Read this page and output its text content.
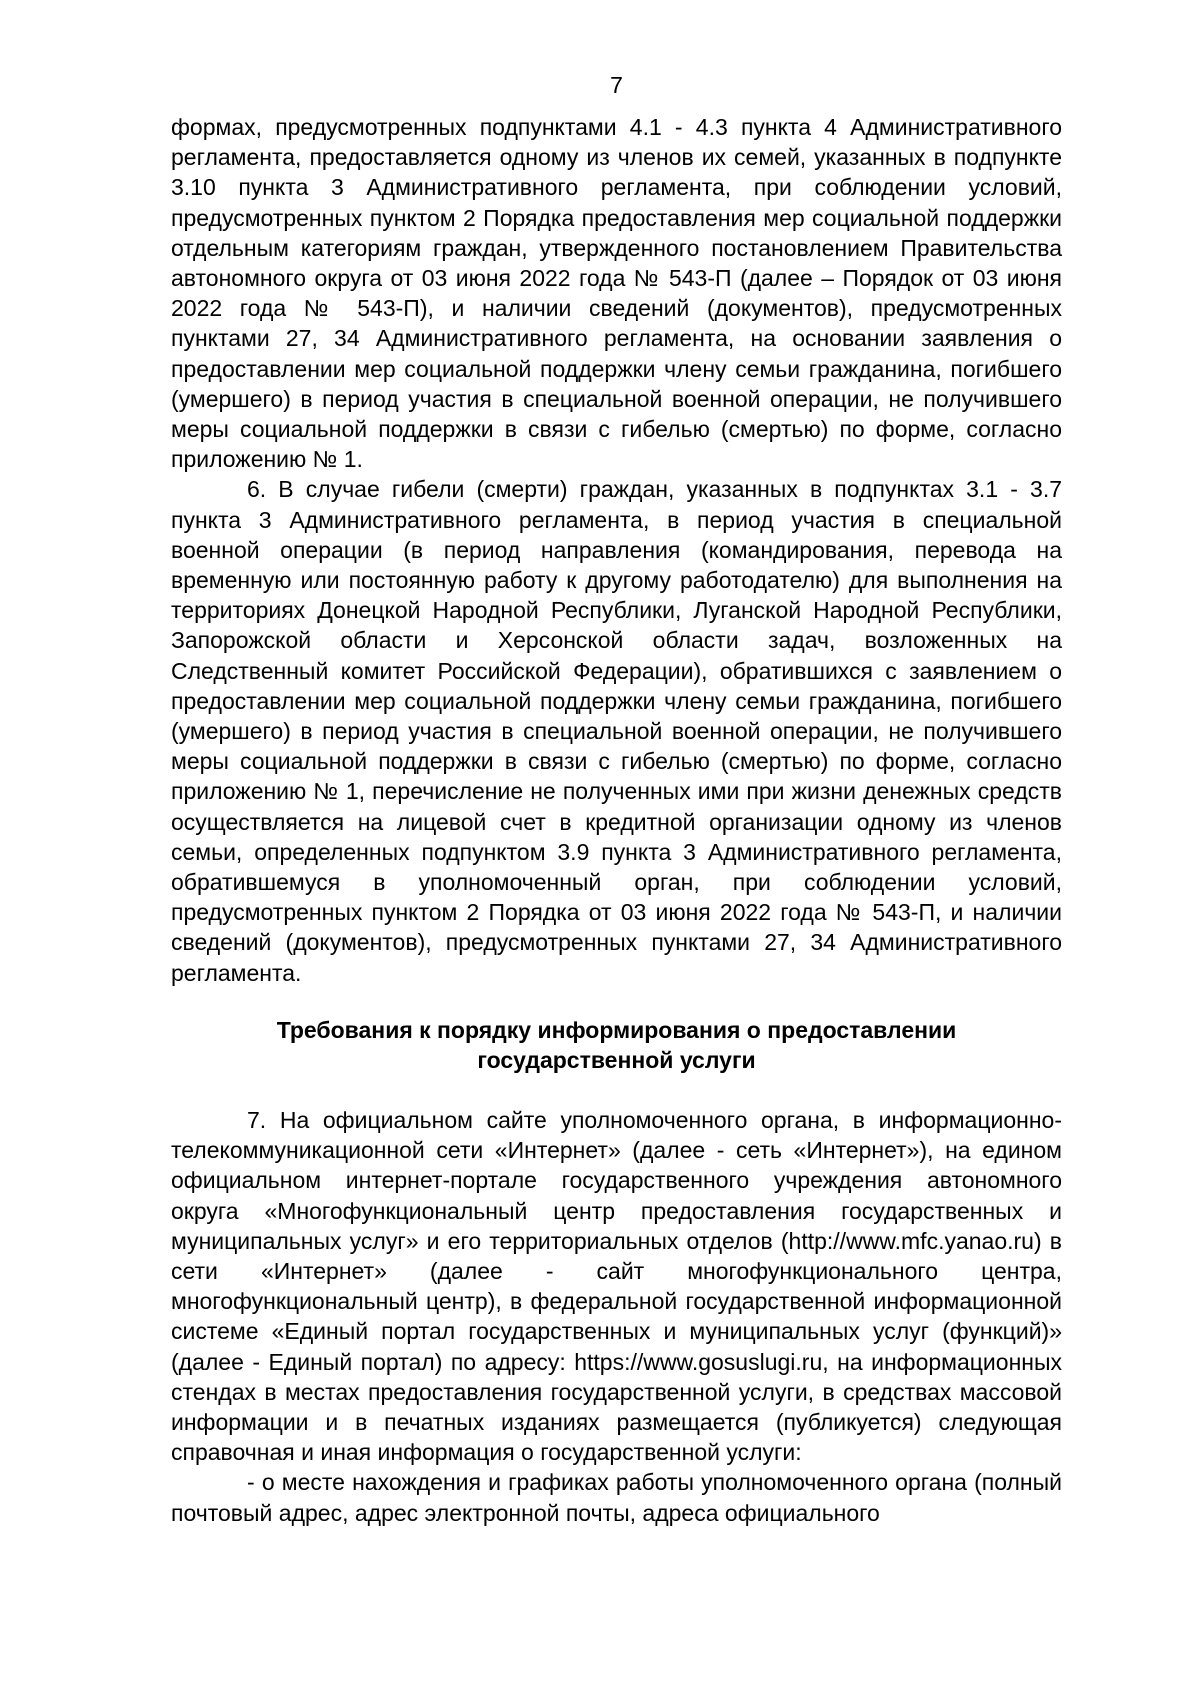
7

формах, предусмотренных подпунктами 4.1 - 4.3 пункта 4 Административного регламента, предоставляется одному из членов их семей, указанных в подпункте 3.10 пункта 3 Административного регламента, при соблюдении условий, предусмотренных пунктом 2 Порядка предоставления мер социальной поддержки отдельным категориям граждан, утвержденного постановлением Правительства автономного округа от 03 июня 2022 года № 543-П (далее – Порядок от 03 июня 2022 года № 543-П), и наличии сведений (документов), предусмотренных пунктами 27, 34 Административного регламента, на основании заявления о предоставлении мер социальной поддержки члену семьи гражданина, погибшего (умершего) в период участия в специальной военной операции, не получившего меры социальной поддержки в связи с гибелью (смертью) по форме, согласно приложению № 1.

6. В случае гибели (смерти) граждан, указанных в подпунктах 3.1 - 3.7 пункта 3 Административного регламента, в период участия в специальной военной операции (в период направления (командирования, перевода на временную или постоянную работу к другому работодателю) для выполнения на территориях Донецкой Народной Республики, Луганской Народной Республики, Запорожской области и Херсонской области задач, возложенных на Следственный комитет Российской Федерации), обратившихся с заявлением о предоставлении мер социальной поддержки члену семьи гражданина, погибшего (умершего) в период участия в специальной военной операции, не получившего меры социальной поддержки в связи с гибелью (смертью) по форме, согласно приложению № 1, перечисление не полученных ими при жизни денежных средств осуществляется на лицевой счет в кредитной организации одному из членов семьи, определенных подпунктом 3.9 пункта 3 Административного регламента, обратившемуся в уполномоченный орган, при соблюдении условий, предусмотренных пунктом 2 Порядка от 03 июня 2022 года № 543-П, и наличии сведений (документов), предусмотренных пунктами 27, 34 Административного регламента.

Требования к порядку информирования о предоставлении
государственной услуги

7. На официальном сайте уполномоченного органа, в информационно-телекоммуникационной сети «Интернет» (далее - сеть «Интернет»), на едином официальном интернет-портале государственного учреждения автономного округа «Многофункциональный центр предоставления государственных и муниципальных услуг» и его территориальных отделов (http://www.mfc.yanao.ru) в сети «Интернет» (далее - сайт многофункционального центра, многофункциональный центр), в федеральной государственной информационной системе «Единый портал государственных и муниципальных услуг (функций)» (далее - Единый портал) по адресу: https://www.gosuslugi.ru, на информационных стендах в местах предоставления государственной услуги, в средствах массовой информации и в печатных изданиях размещается (публикуется) следующая справочная и иная информация о государственной услуги:

- о месте нахождения и графиках работы уполномоченного органа (полный почтовый адрес, адрес электронной почты, адреса официального
